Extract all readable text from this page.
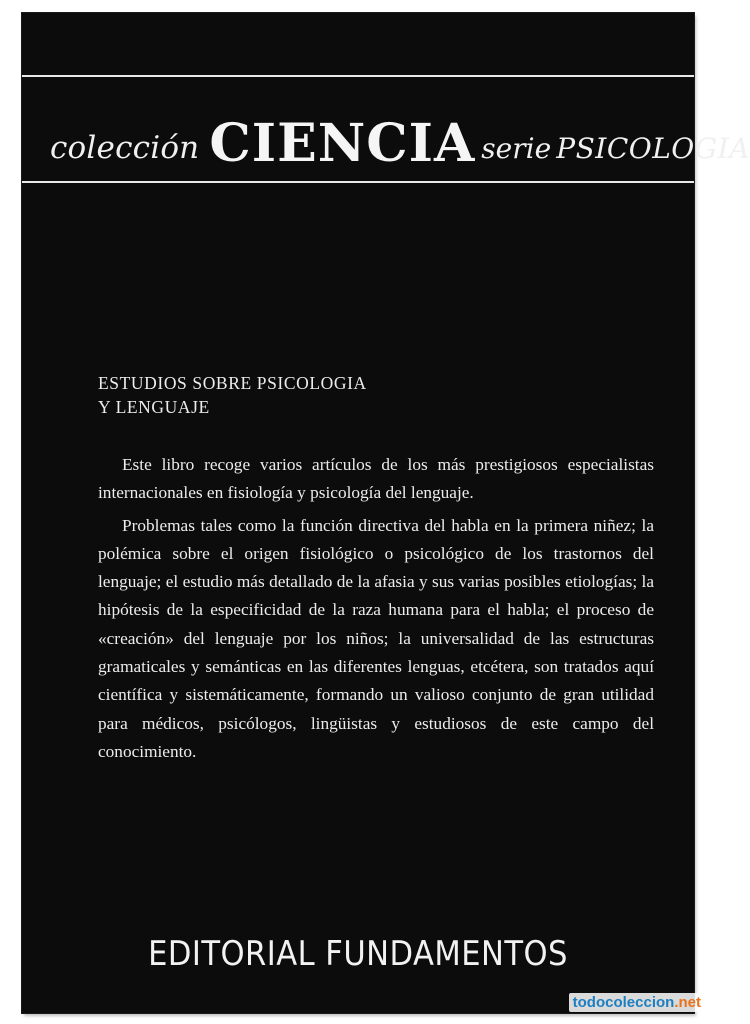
colección CIENCIA serie PSICOLOGIA
ESTUDIOS SOBRE PSICOLOGIA
Y LENGUAJE

Este libro recoge varios artículos de los más prestigiosos especialistas internacionales en fisiología y psicología del lenguaje.

Problemas tales como la función directiva del habla en la primera niñez; la polémica sobre el origen fisiológico o psicológico de los trastornos del lenguaje; el estudio más detallado de la afasia y sus varias posibles etiologías; la hipótesis de la especificidad de la raza humana para el habla; el proceso de «creación» del lenguaje por los niños; la universalidad de las estructuras gramaticales y semánticas en las diferentes lenguas, etcétera, son tratados aquí científica y sistemáticamente, formando un valioso conjunto de gran utilidad para médicos, psicólogos, lingüistas y estudiosos de este campo del conocimiento.

EDITORIAL FUNDAMENTOS
todocoleccion.net
